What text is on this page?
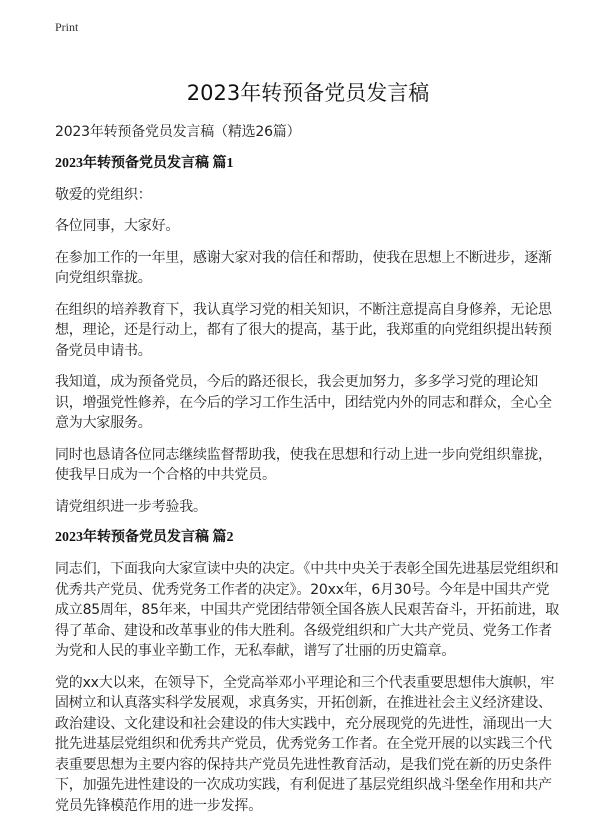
Print
2023年转预备党员发言稿

2023年转预备党员发言稿（精选26篇）

2023年转预备党员发言稿 篇1

敬爱的党组织：

各位同事，大家好。

在参加工作的一年里，感谢大家对我的信任和帮助，使我在思想上不断进步，逐渐向党组织靠拢。

在组织的培养教育下，我认真学习党的相关知识，不断注意提高自身修养，无论思想，理论，还是行动上，都有了很大的提高，基于此，我郑重的向党组织提出转预备党员申请书。

我知道，成为预备党员，今后的路还很长，我会更加努力，多多学习党的理论知识，增强党性修养，在今后的学习工作生活中，团结党内外的同志和群众，全心全意为大家服务。

同时也恳请各位同志继续监督帮助我，使我在思想和行动上进一步向党组织靠拢，使我早日成为一个合格的中共党员。

请党组织进一步考验我。

2023年转预备党员发言稿 篇2

同志们，下面我向大家宣读中央的决定。《中共中央关于表彰全国先进基层党组织和优秀共产党员、优秀党务工作者的决定》。20xx年，6月30号。今年是中国共产党成立85周年，85年来，中国共产党团结带领全国各族人民艰苦奋斗，开拓前进，取得了革命、建设和改革事业的伟大胜利。各级党组织和广大共产党员、党务工作者为党和人民的事业辛勤工作，无私奉献，谱写了壮丽的历史篇章。

党的xx大以来，在领导下，全党高举邓小平理论和三个代表重要思想伟大旗帜，牢固树立和认真落实科学发展观，求真务实，开拓创新，在推进社会主义经济建设、政治建设、文化建设和社会建设的伟大实践中，充分展现党的先进性，涌现出一大批先进基层党组织和优秀共产党员，优秀党务工作者。在全党开展的以实践三个代表重要思想为主要内容的保持共产党员先进性教育活动，是我们党在新的历史条件下，加强先进性建设的一次成功实践，有利促进了基层党组织战斗堡垒作用和共产党员先锋模范作用的进一步发挥。
